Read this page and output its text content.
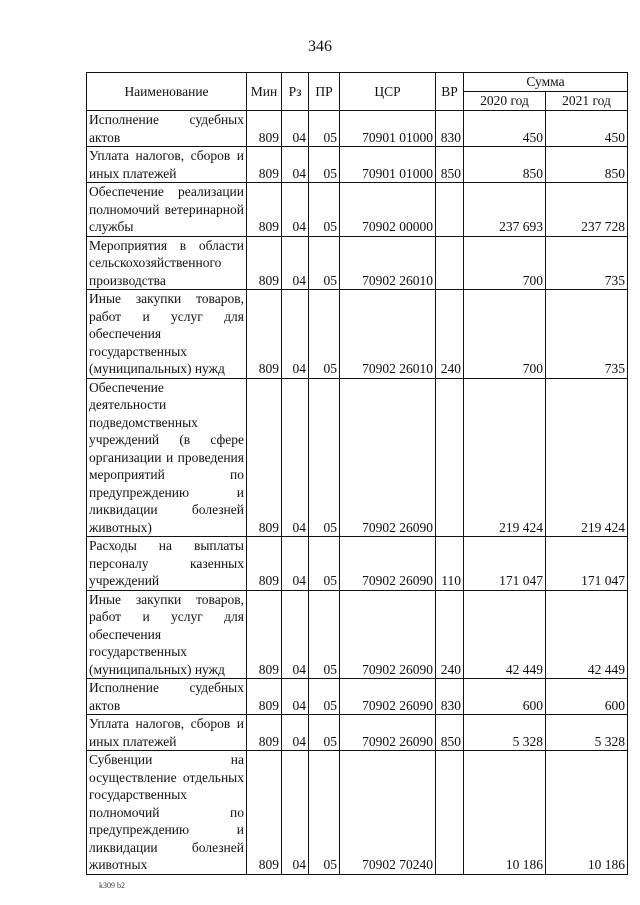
346
Наименование	Мин	Рз	ПР	ЦСР	ВР	Сумма	
						2020 год	2021 год
Исполнение судебных актов	809	04	05	70901 01000	830	450	450
Уплата налогов, сборов и иных платежей	809	04	05	70901 01000	850	850	850
Обеспечение реализации полномочий ветеринарной службы	809	04	05	70902 00000		237 693	237 728
Мероприятия в области сельскохозяйственного производства	809	04	05	70902 26010		700	735
Иные закупки товаров, работ и услуг для обеспечения государственных (муниципальных) нужд	809	04	05	70902 26010	240	700	735
Обеспечение деятельности подведомственных учреждений (в сфере организации и проведения мероприятий по предупреждению и ликвидации болезней животных)	809	04	05	70902 26090		219 424	219 424
Расходы на выплаты персоналу казенных учреждений	809	04	05	70902 26090	110	171 047	171 047
Иные закупки товаров, работ и услуг для обеспечения государственных (муниципальных) нужд	809	04	05	70902 26090	240	42 449	42 449
Исполнение судебных актов	809	04	05	70902 26090	830	600	600
Уплата налогов, сборов и иных платежей	809	04	05	70902 26090	850	5 328	5 328
Субвенции на осуществление отдельных государственных полномочий по предупреждению и ликвидации болезней животных	809	04	05	70902 70240		10 186	10 186
k309 b2
